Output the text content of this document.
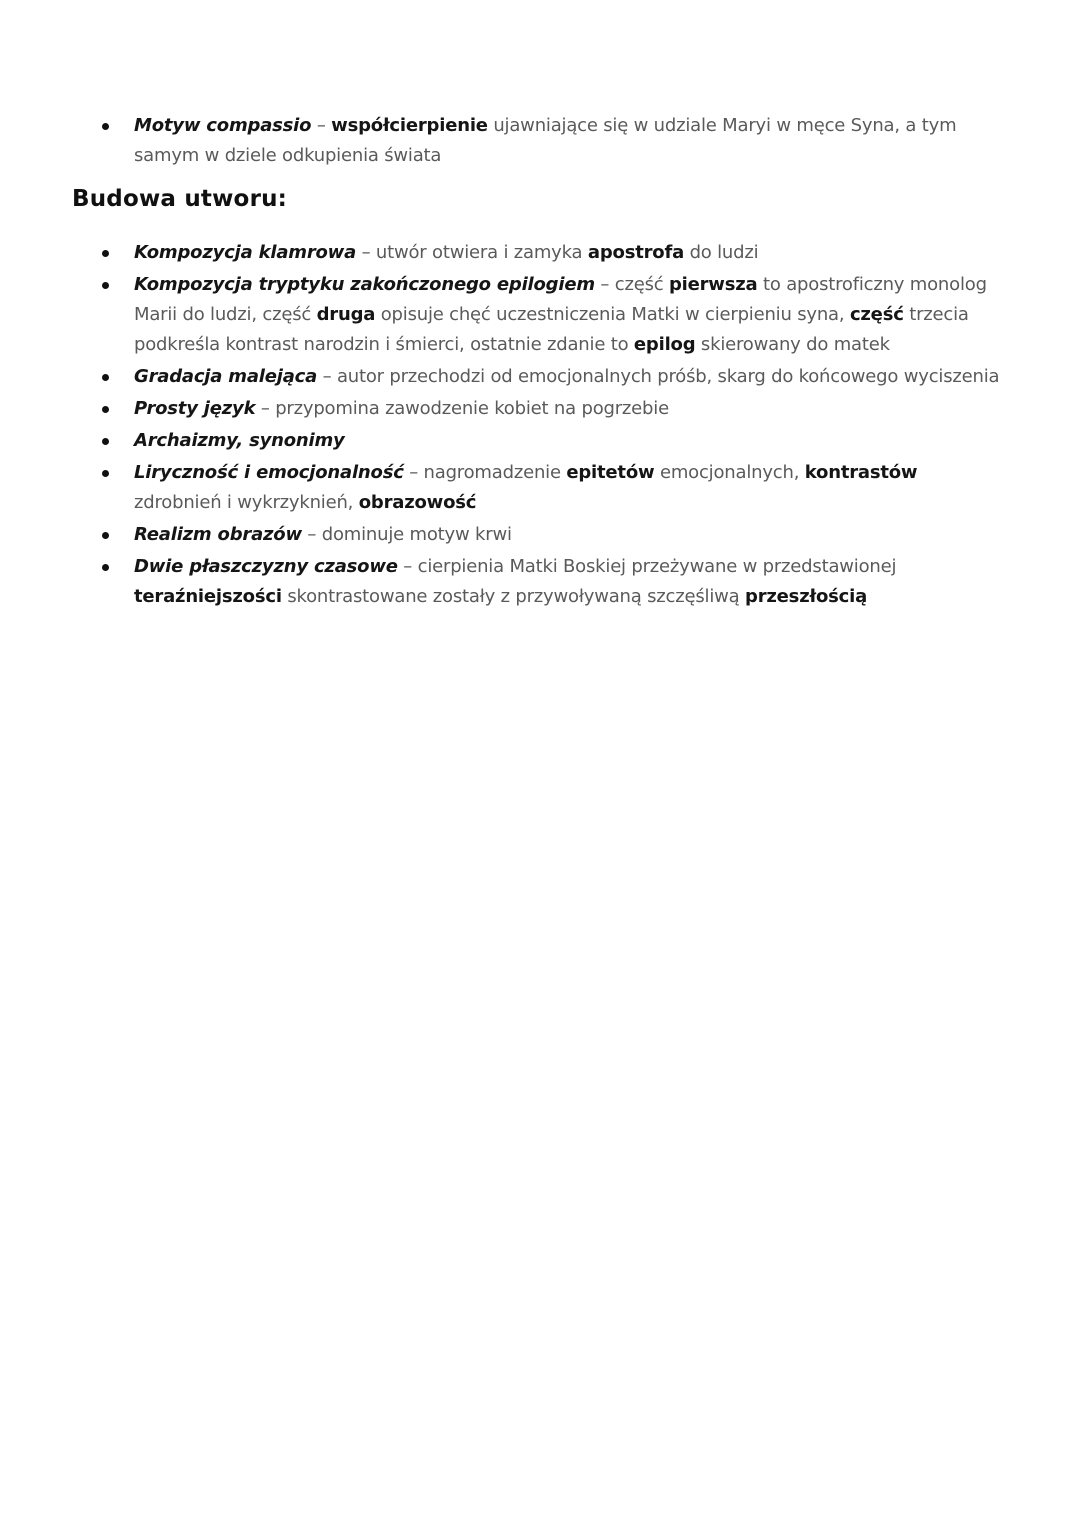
Motyw compassio – współcierpienie ujawniające się w udziale Maryi w męce Syna, a tym samym w dziele odkupienia świata
Budowa utworu:
Kompozycja klamrowa – utwór otwiera i zamyka apostrofa do ludzi
Kompozycja tryptyku zakończonego epilogiem – część pierwsza to apostroficzny monolog Marii do ludzi, część druga opisuje chęć uczestniczenia Matki w cierpieniu syna, część trzecia podkreśla kontrast narodzin i śmierci, ostatnie zdanie to epilog skierowany do matek
Gradacja malejąca – autor przechodzi od emocjonalnych próśb, skarg do końcowego wyciszenia
Prosty język – przypomina zawodzenie kobiet na pogrzebie
Archaizmy, synonimy
Liryczność i emocjonalność – nagromadzenie epitetów emocjonalnych, kontrastów zdrobnień i wykrzyknień, obrazowość
Realizm obrazów – dominuje motyw krwi
Dwie płaszczyzny czasowe – cierpienia Matki Boskiej przeżywane w przedstawionej teraźniejszości skontrastowane zostały z przywoływaną szczęśliwą przeszłością
